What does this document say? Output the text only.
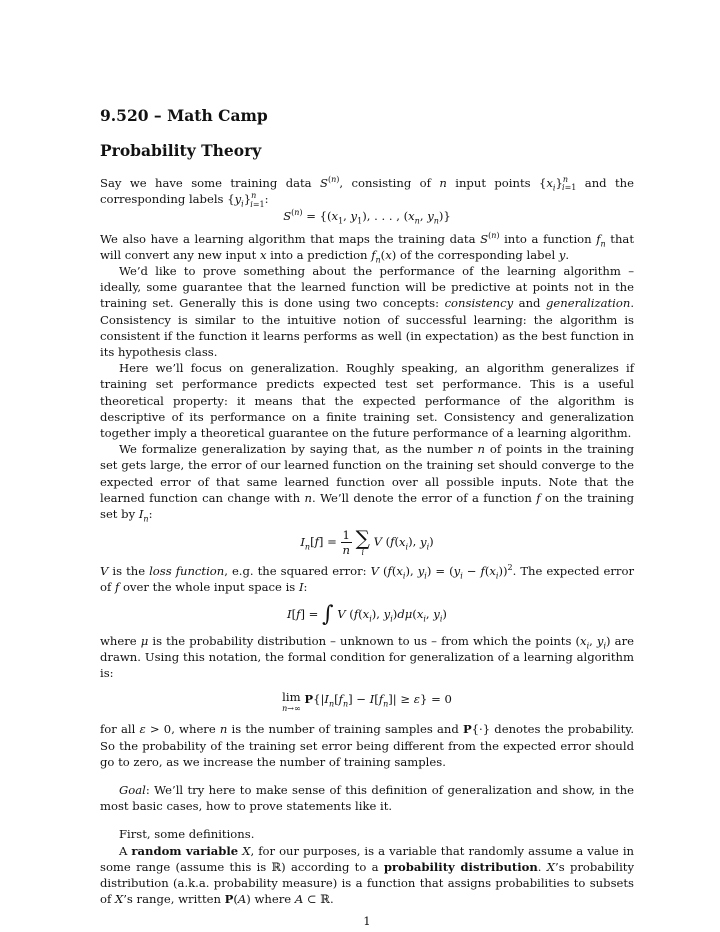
9.520 – Math Camp
Probability Theory

Say we have some training data $S^{(n)}$, consisting of n input points $\{x_i\}^n_{i=1}$ and the corresponding labels $\{y_i\}^n_{i=1}$:

$S^{(n)} = \{(x_1$, $y_1$), . . . , ($x_n$, $y_n$)}

We also have a learning algorithm that maps the training data $S^{(n)}$ into a function $f_n$ that will convert any new input x into a prediction $f_n(x)$ of the corresponding label y.

We’d like to prove something about the performance of the learning algorithm – ideally, some guarantee that the learned function will be predictive at points not in the training set. Generally this is done using two concepts: consistency and generalization. Consistency is similar to the intuitive notion of successful learning: the algorithm is consistent if the function it learns performs as well (in expectation) as the best function in its hypothesis class.

Here we’ll focus on generalization. Roughly speaking, an algorithm generalizes if training set performance predicts expected test set performance. This is a useful theoretical property: it means that the expected performance of the algorithm is descriptive of its performance on a finite training set. Consistency and generalization together imply a theoretical guarantee on the future performance of a learning algorithm.

We formalize generalization by saying that, as the number n of points in the training set gets large, the error of our learned function on the training set should converge to the expected error of that same learned function over all possible inputs. Note that the learned function can change with n. We’ll denote the error of a function f on the training set by $I_n$:

$I_n[f] = \frac{1}{n}$
∑
i
V ($f(x_i)$, $y_i$)

V is the loss function, e.g. the squared error: V ($f(x_i)$, $y_i) = (y_i - f(x_i))^2$. The expected error of f over the whole input space is I:

I[f] = ∫ V ($f(x_i)$, $y_i)d\mu(x_i$, $y_i$)

where μ is the probability distribution – unknown to us – from which the points ($x_i$, $y_i$) are drawn. Using this notation, the formal condition for generalization of a learning algorithm is:

lim
n→∞
$P\{|I_n[f_n] - I[f_n]| \ge \varepsilon\} = 0$

for all ε > 0, where n is the number of training samples and P{·} denotes the probability. So the probability of the training set error being different from the expected error should go to zero, as we increase the number of training samples.

Goal: We’ll try here to make sense of this definition of generalization and show, in the most basic cases, how to prove statements like it.

First, some definitions.

A random variable X, for our purposes, is a variable that randomly assume a value in some range (assume this is ℝ) according to a probability distribution. X’s probability distribution (a.k.a. probability measure) is a function that assigns probabilities to subsets of X’s range, written P(A) where A ⊂ ℝ.

1
